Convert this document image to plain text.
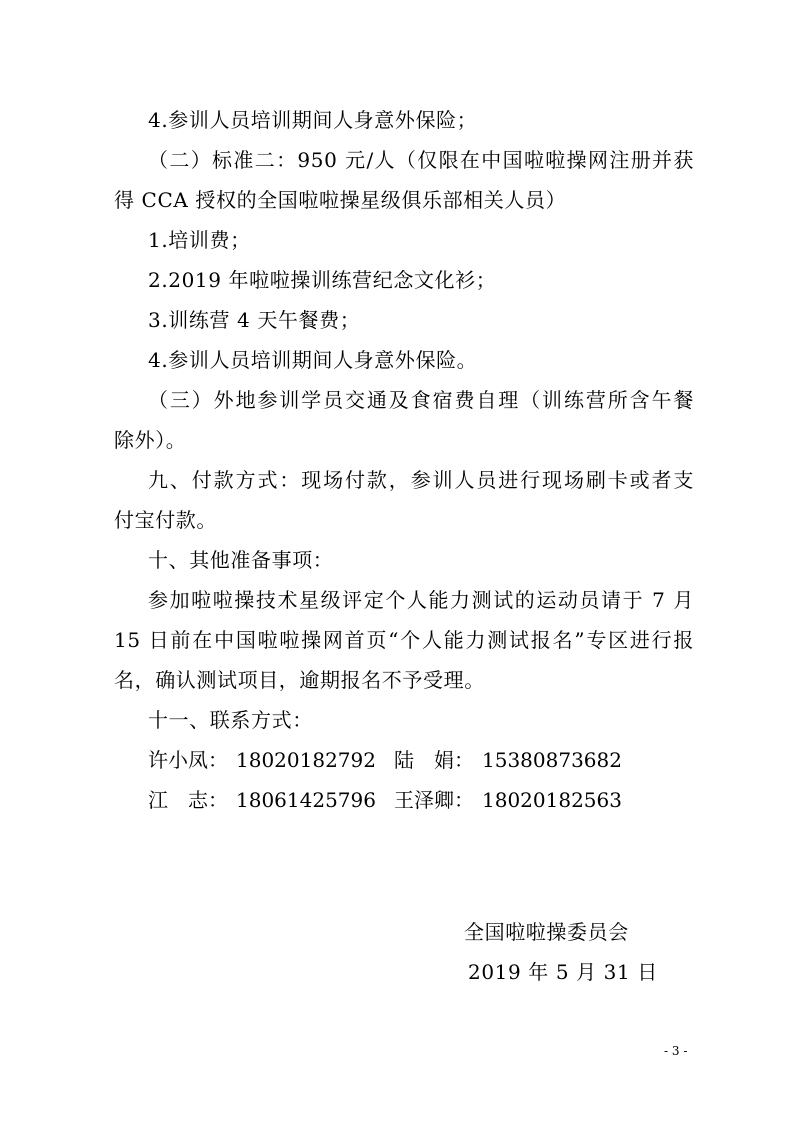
4.参训人员培训期间人身意外保险；
（二）标准二：950 元/人（仅限在中国啦啦操网注册并获
得 CCA 授权的全国啦啦操星级俱乐部相关人员）
1.培训费；
2.2019 年啦啦操训练营纪念文化衫；
3.训练营 4 天午餐费；
4.参训人员培训期间人身意外保险。
（三）外地参训学员交通及食宿费自理（训练营所含午餐
除外）。
九、付款方式：现场付款，参训人员进行现场刷卡或者支
付宝付款。
十、其他准备事项：
参加啦啦操技术星级评定个人能力测试的运动员请于 7 月
15 日前在中国啦啦操网首页“个人能力测试报名”专区进行报
名，确认测试项目，逾期报名不予受理。
十一、联系方式：
许小凤： 18020182792 陆　娟： 15380873682
江　志： 18061425796 王泽卿： 18020182563
全国啦啦操委员会
2019 年 5 月 31 日
- 3 -
